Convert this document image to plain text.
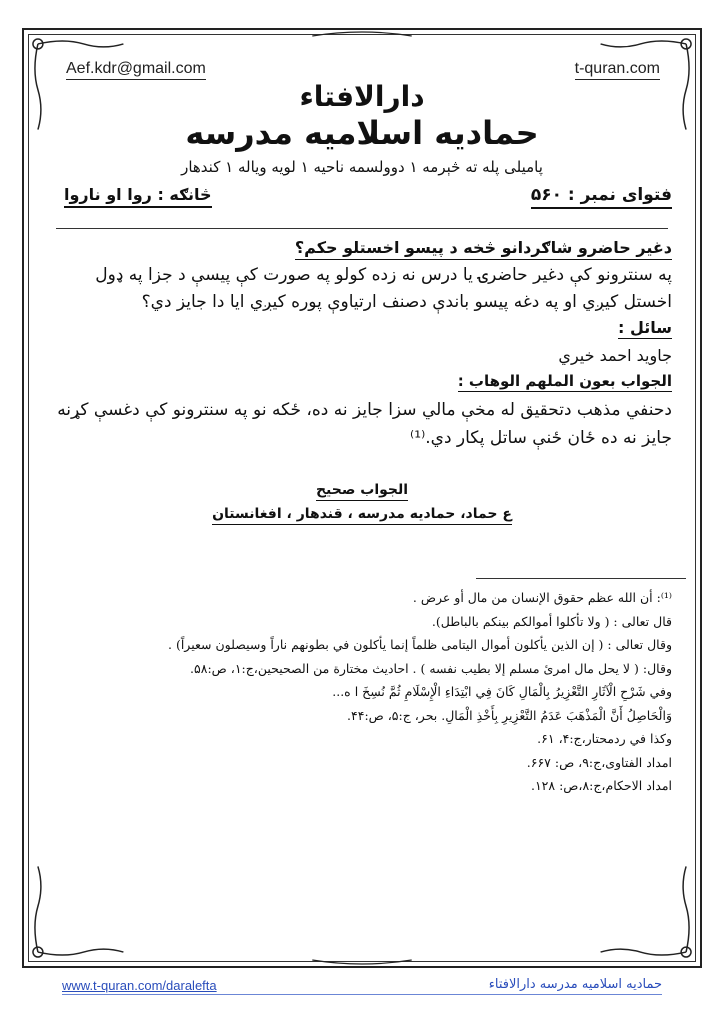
Aef.kdr@gmail.com	t-quran.com
دارالافتاء
حمادیه اسلامیه مدرسه
پامیلی پله ته څېرمه ۱ دوولسمه ناحیه ۱ لویه ویاله ۱ کندهار
فتوای نمبر : ۵۶۰
څانګه : روا او ناروا
دغیر حاضرو شاګردانو څخه د پیسو اخستلو حکم؟
په سنترونو کې دغیر حاضرۍ یا درس نه زده کولو په صورت کې پیسې د جزا په ډول اخستل کیږي او په دغه پیسو باندې دصنف ارتیاوې پوره کیږي ایا دا جایز دي؟
سائل :
جاوید احمد خیري
الجواب بعون الملهم الوهاب :
دحنفي مذهب دتحقیق له مخې مالي سزا جایز نه ده، ځکه نو په سنترونو کې دغسې کړنه جایز نه ده ځان ځنې ساتل پکار دي.⁽¹⁾
الجواب صحیح
ع حماد، حمادیه مدرسه ، قندهار ، افغانستان
⁽¹⁾: أن الله عظم حقوق الإنسان من مال أو عرض .
قال تعالى : ( ولا تأكلوا أموالكم بينكم بالباطل).
وقال تعالى : ( إن الذين يأكلون أموال اليتامى ظلماً إنما يأكلون في بطونهم ناراً وسيصلون سعيراً) .
وقال: ( لا يحل مال امرئ مسلم إلا بطيب نفسه ) . احاديث مختارة من الصحيحين،ج:۱، ص:۵۸.
وفي شَرْحِ الْآثَارِ التَّعْزِيرُ بِالْمَالِ كَانَ فِي ابْتِدَاءِ الْإِسْلَامِ ثُمَّ نُسِخَ ا ه...
وَالْحَاصِلُ أَنَّ الْمَذْهَبَ عَدَمُ التَّعْزِيرِ بِأَخْذِ الْمَالِ. بحر، ج:۵، ص:۴۴.
وكذا في ردمحتار،ج:۴، ۶۱.
امداد الفتاوى،ج:۹، ص: ۶۶۷.
امداد الاحكام،ج:۸،ص: ۱۲۸.
www.t-quran.com/daralefta	حمادیه اسلامیه مدرسه دارالافتاء
